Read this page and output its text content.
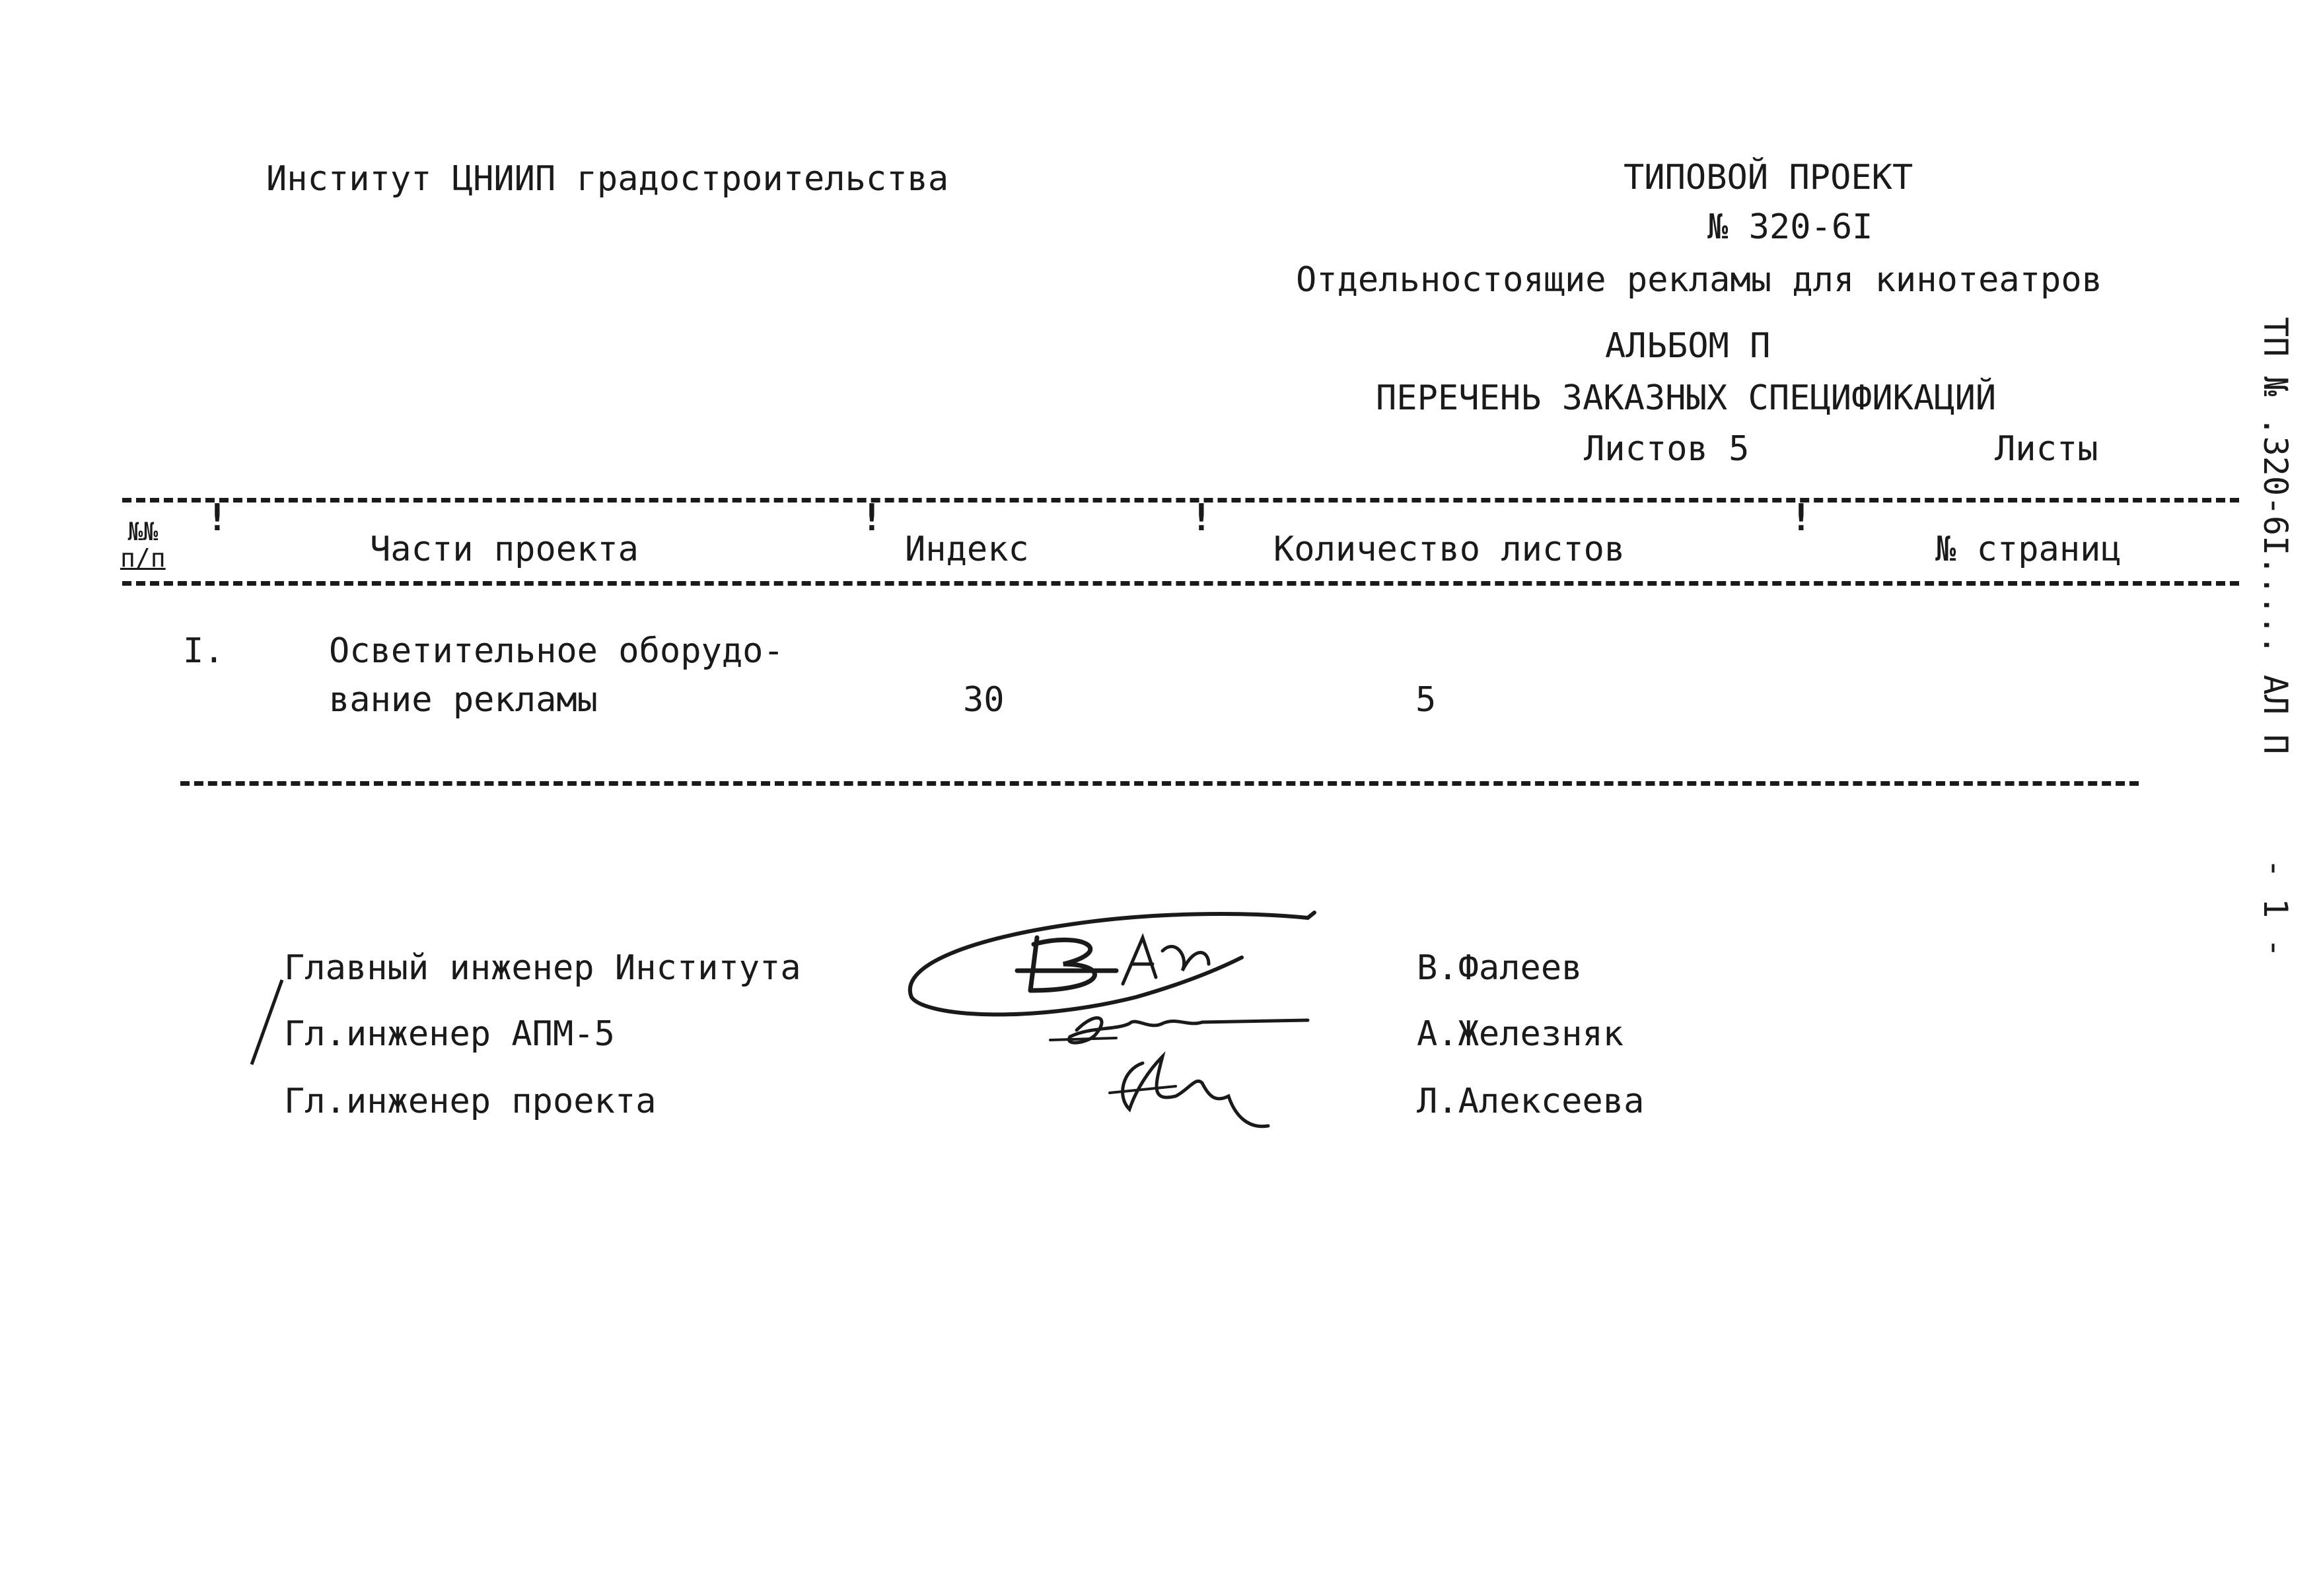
Институт ЦНИИП градостроительства	ТИПОВОЙ ПРОЕКТ
№ 320-6I
Отдельностоящие рекламы для кинотеатров
АЛЬБОМ П
ПЕРЕЧЕНЬ ЗАКАЗНЫХ СПЕЦИФИКАЦИЙ
Листов 5	Листы	ТП № .320-6I..... АЛ П
- 1 -
!	!	!	!
№№
п/п	Части проекта	Индекс	Количество листов	№ страниц
I.	Осветительное оборудо-
вание рекламы	30	5
Главный инженер Института
Гл.инженер АПМ-5
Гл.инженер проекта
В.Фалеев
А.Железняк
Л.Алексеева
